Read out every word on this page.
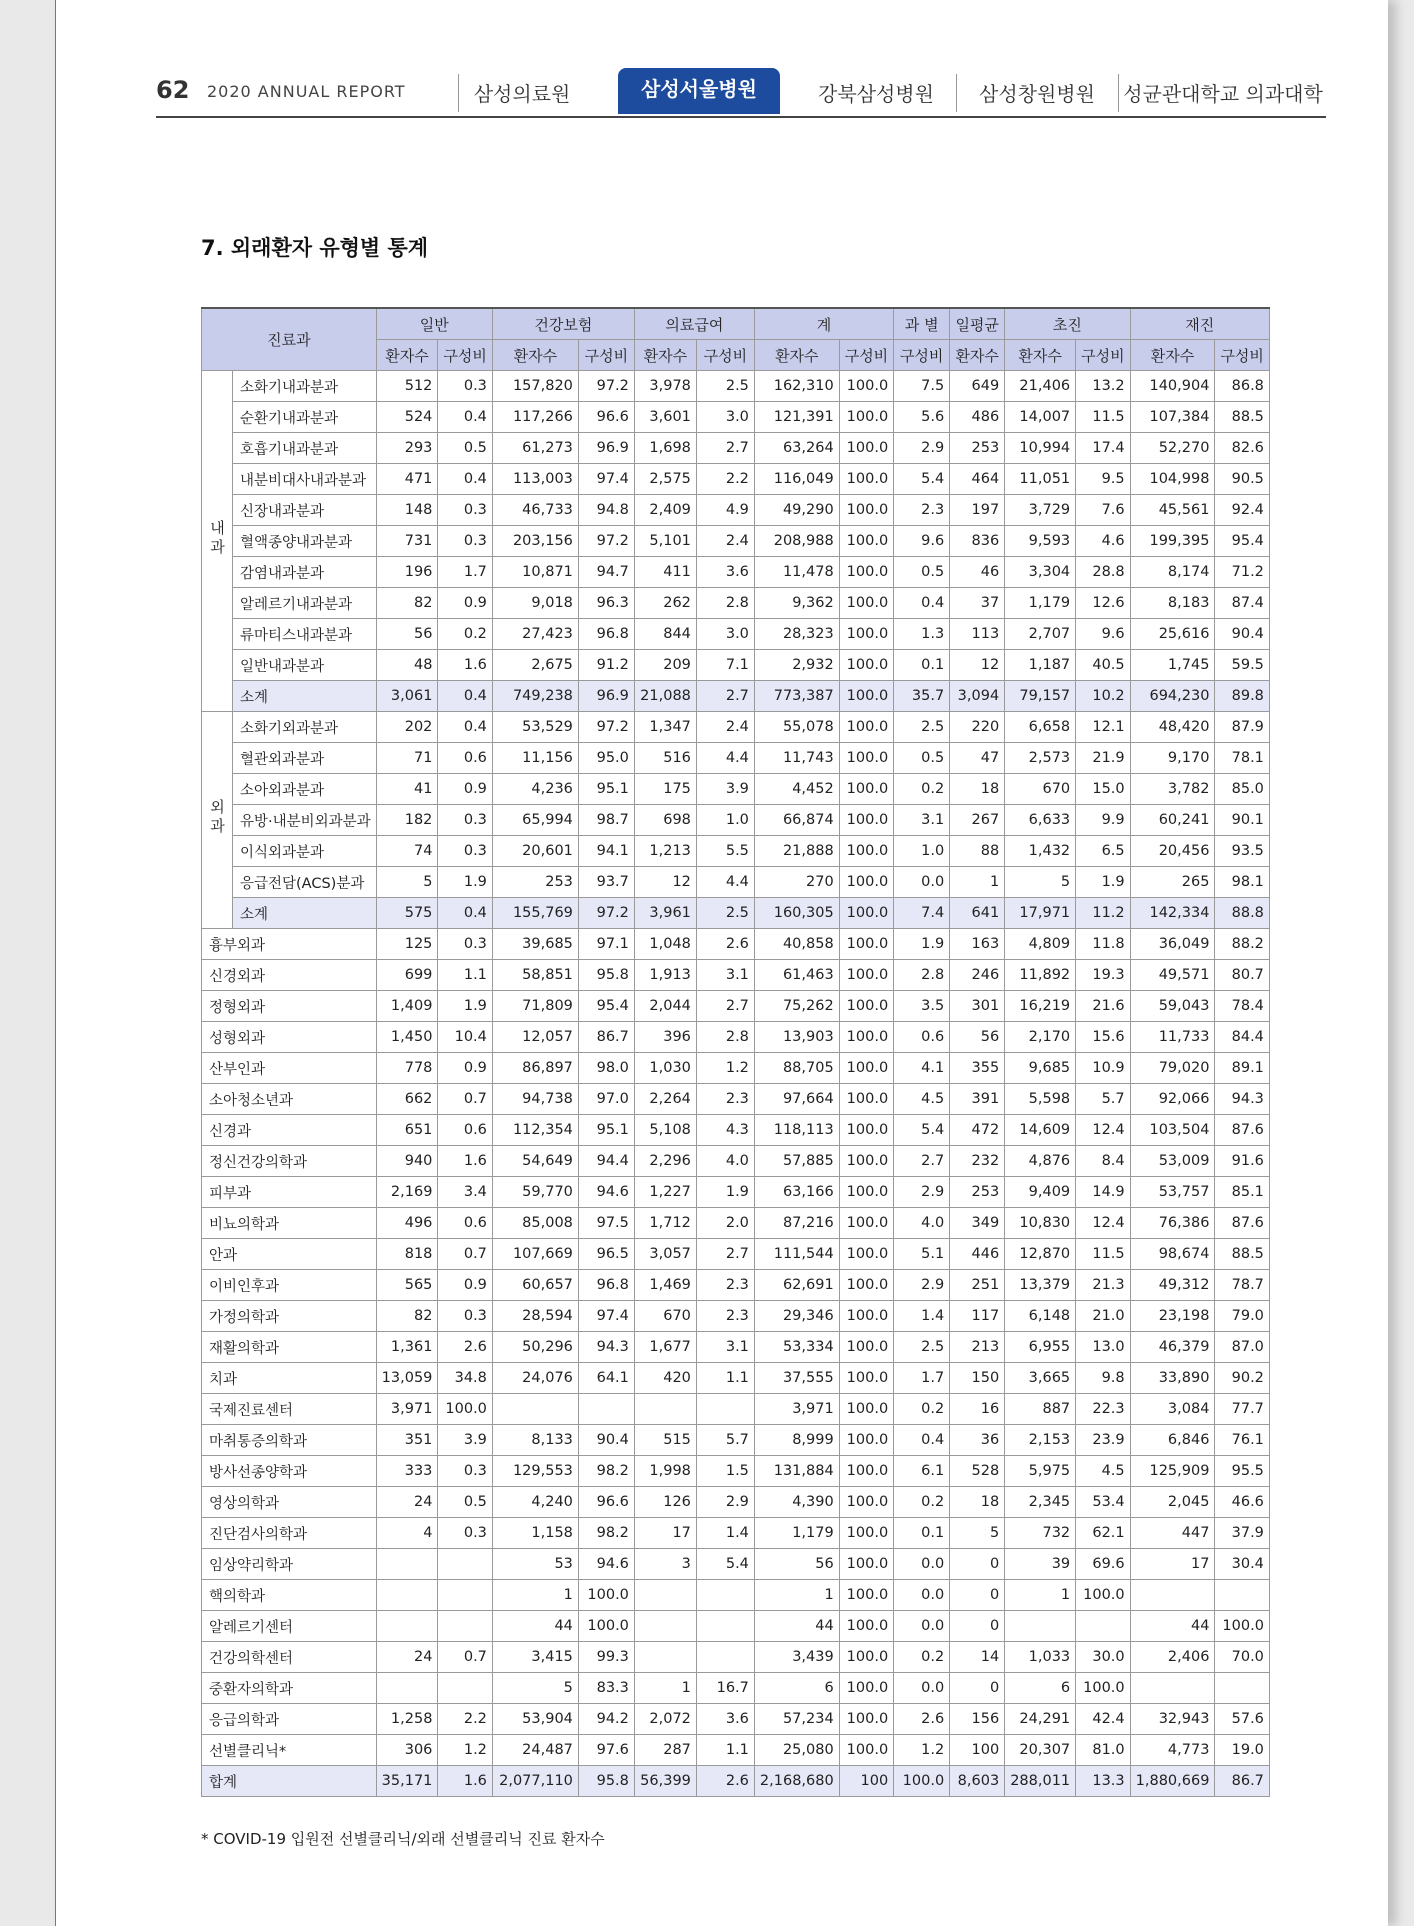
62 2020 ANNUAL REPORT	삼성의료원	삼성서울병원	강북삼성병원	삼성창원병원	성균관대학교 의과대학
7. 외래환자 유형별 통계
진료과		일반		건강보험		의료급여		계		과 별	일평균	초진		재진	
		환자수	구성비	환자수	구성비	환자수	구성비	환자수	구성비	구성비	환자수	환자수	구성비	환자수	구성비
내과	소화기내과분과	512	0.3	157,820	97.2	3,978	2.5	162,310	100.0	7.5	649	21,406	13.2	140,904	86.8
	순환기내과분과	524	0.4	117,266	96.6	3,601	3.0	121,391	100.0	5.6	486	14,007	11.5	107,384	88.5
	호흡기내과분과	293	0.5	61,273	96.9	1,698	2.7	63,264	100.0	2.9	253	10,994	17.4	52,270	82.6
	내분비대사내과분과	471	0.4	113,003	97.4	2,575	2.2	116,049	100.0	5.4	464	11,051	9.5	104,998	90.5
	신장내과분과	148	0.3	46,733	94.8	2,409	4.9	49,290	100.0	2.3	197	3,729	7.6	45,561	92.4
	혈액종양내과분과	731	0.3	203,156	97.2	5,101	2.4	208,988	100.0	9.6	836	9,593	4.6	199,395	95.4
	감염내과분과	196	1.7	10,871	94.7	411	3.6	11,478	100.0	0.5	46	3,304	28.8	8,174	71.2
	알레르기내과분과	82	0.9	9,018	96.3	262	2.8	9,362	100.0	0.4	37	1,179	12.6	8,183	87.4
	류마티스내과분과	56	0.2	27,423	96.8	844	3.0	28,323	100.0	1.3	113	2,707	9.6	25,616	90.4
	일반내과분과	48	1.6	2,675	91.2	209	7.1	2,932	100.0	0.1	12	1,187	40.5	1,745	59.5
	소계	3,061	0.4	749,238	96.9	21,088	2.7	773,387	100.0	35.7	3,094	79,157	10.2	694,230	89.8
외과	소화기외과분과	202	0.4	53,529	97.2	1,347	2.4	55,078	100.0	2.5	220	6,658	12.1	48,420	87.9
	혈관외과분과	71	0.6	11,156	95.0	516	4.4	11,743	100.0	0.5	47	2,573	21.9	9,170	78.1
	소아외과분과	41	0.9	4,236	95.1	175	3.9	4,452	100.0	0.2	18	670	15.0	3,782	85.0
	유방·내분비외과분과	182	0.3	65,994	98.7	698	1.0	66,874	100.0	3.1	267	6,633	9.9	60,241	90.1
	이식외과분과	74	0.3	20,601	94.1	1,213	5.5	21,888	100.0	1.0	88	1,432	6.5	20,456	93.5
	응급전담(ACS)분과	5	1.9	253	93.7	12	4.4	270	100.0	0.0	1	5	1.9	265	98.1
	소계	575	0.4	155,769	97.2	3,961	2.5	160,305	100.0	7.4	641	17,971	11.2	142,334	88.8
흉부외과		125	0.3	39,685	97.1	1,048	2.6	40,858	100.0	1.9	163	4,809	11.8	36,049	88.2
신경외과		699	1.1	58,851	95.8	1,913	3.1	61,463	100.0	2.8	246	11,892	19.3	49,571	80.7
정형외과		1,409	1.9	71,809	95.4	2,044	2.7	75,262	100.0	3.5	301	16,219	21.6	59,043	78.4
성형외과		1,450	10.4	12,057	86.7	396	2.8	13,903	100.0	0.6	56	2,170	15.6	11,733	84.4
산부인과		778	0.9	86,897	98.0	1,030	1.2	88,705	100.0	4.1	355	9,685	10.9	79,020	89.1
소아청소년과		662	0.7	94,738	97.0	2,264	2.3	97,664	100.0	4.5	391	5,598	5.7	92,066	94.3
신경과		651	0.6	112,354	95.1	5,108	4.3	118,113	100.0	5.4	472	14,609	12.4	103,504	87.6
정신건강의학과		940	1.6	54,649	94.4	2,296	4.0	57,885	100.0	2.7	232	4,876	8.4	53,009	91.6
피부과		2,169	3.4	59,770	94.6	1,227	1.9	63,166	100.0	2.9	253	9,409	14.9	53,757	85.1
비뇨의학과		496	0.6	85,008	97.5	1,712	2.0	87,216	100.0	4.0	349	10,830	12.4	76,386	87.6
안과		818	0.7	107,669	96.5	3,057	2.7	111,544	100.0	5.1	446	12,870	11.5	98,674	88.5
이비인후과		565	0.9	60,657	96.8	1,469	2.3	62,691	100.0	2.9	251	13,379	21.3	49,312	78.7
가정의학과		82	0.3	28,594	97.4	670	2.3	29,346	100.0	1.4	117	6,148	21.0	23,198	79.0
재활의학과		1,361	2.6	50,296	94.3	1,677	3.1	53,334	100.0	2.5	213	6,955	13.0	46,379	87.0
치과		13,059	34.8	24,076	64.1	420	1.1	37,555	100.0	1.7	150	3,665	9.8	33,890	90.2
국제진료센터		3,971	100.0					3,971	100.0	0.2	16	887	22.3	3,084	77.7
마취통증의학과		351	3.9	8,133	90.4	515	5.7	8,999	100.0	0.4	36	2,153	23.9	6,846	76.1
방사선종양학과		333	0.3	129,553	98.2	1,998	1.5	131,884	100.0	6.1	528	5,975	4.5	125,909	95.5
영상의학과		24	0.5	4,240	96.6	126	2.9	4,390	100.0	0.2	18	2,345	53.4	2,045	46.6
진단검사의학과		4	0.3	1,158	98.2	17	1.4	1,179	100.0	0.1	5	732	62.1	447	37.9
임상약리학과				53	94.6	3	5.4	56	100.0	0.0	0	39	69.6	17	30.4
핵의학과				1	100.0			1	100.0	0.0	0	1	100.0		
알레르기센터				44	100.0			44	100.0	0.0	0			44	100.0
건강의학센터		24	0.7	3,415	99.3			3,439	100.0	0.2	14	1,033	30.0	2,406	70.0
중환자의학과				5	83.3	1	16.7	6	100.0	0.0	0	6	100.0		
응급의학과		1,258	2.2	53,904	94.2	2,072	3.6	57,234	100.0	2.6	156	24,291	42.4	32,943	57.6
선별클리닉*		306	1.2	24,487	97.6	287	1.1	25,080	100.0	1.2	100	20,307	81.0	4,773	19.0
합계		35,171	1.6	2,077,110	95.8	56,399	2.6	2,168,680	100	100.0	8,603	288,011	13.3	1,880,669	86.7
* COVID-19 입원전 선별클리닉/외래 선별클리닉 진료 환자수
